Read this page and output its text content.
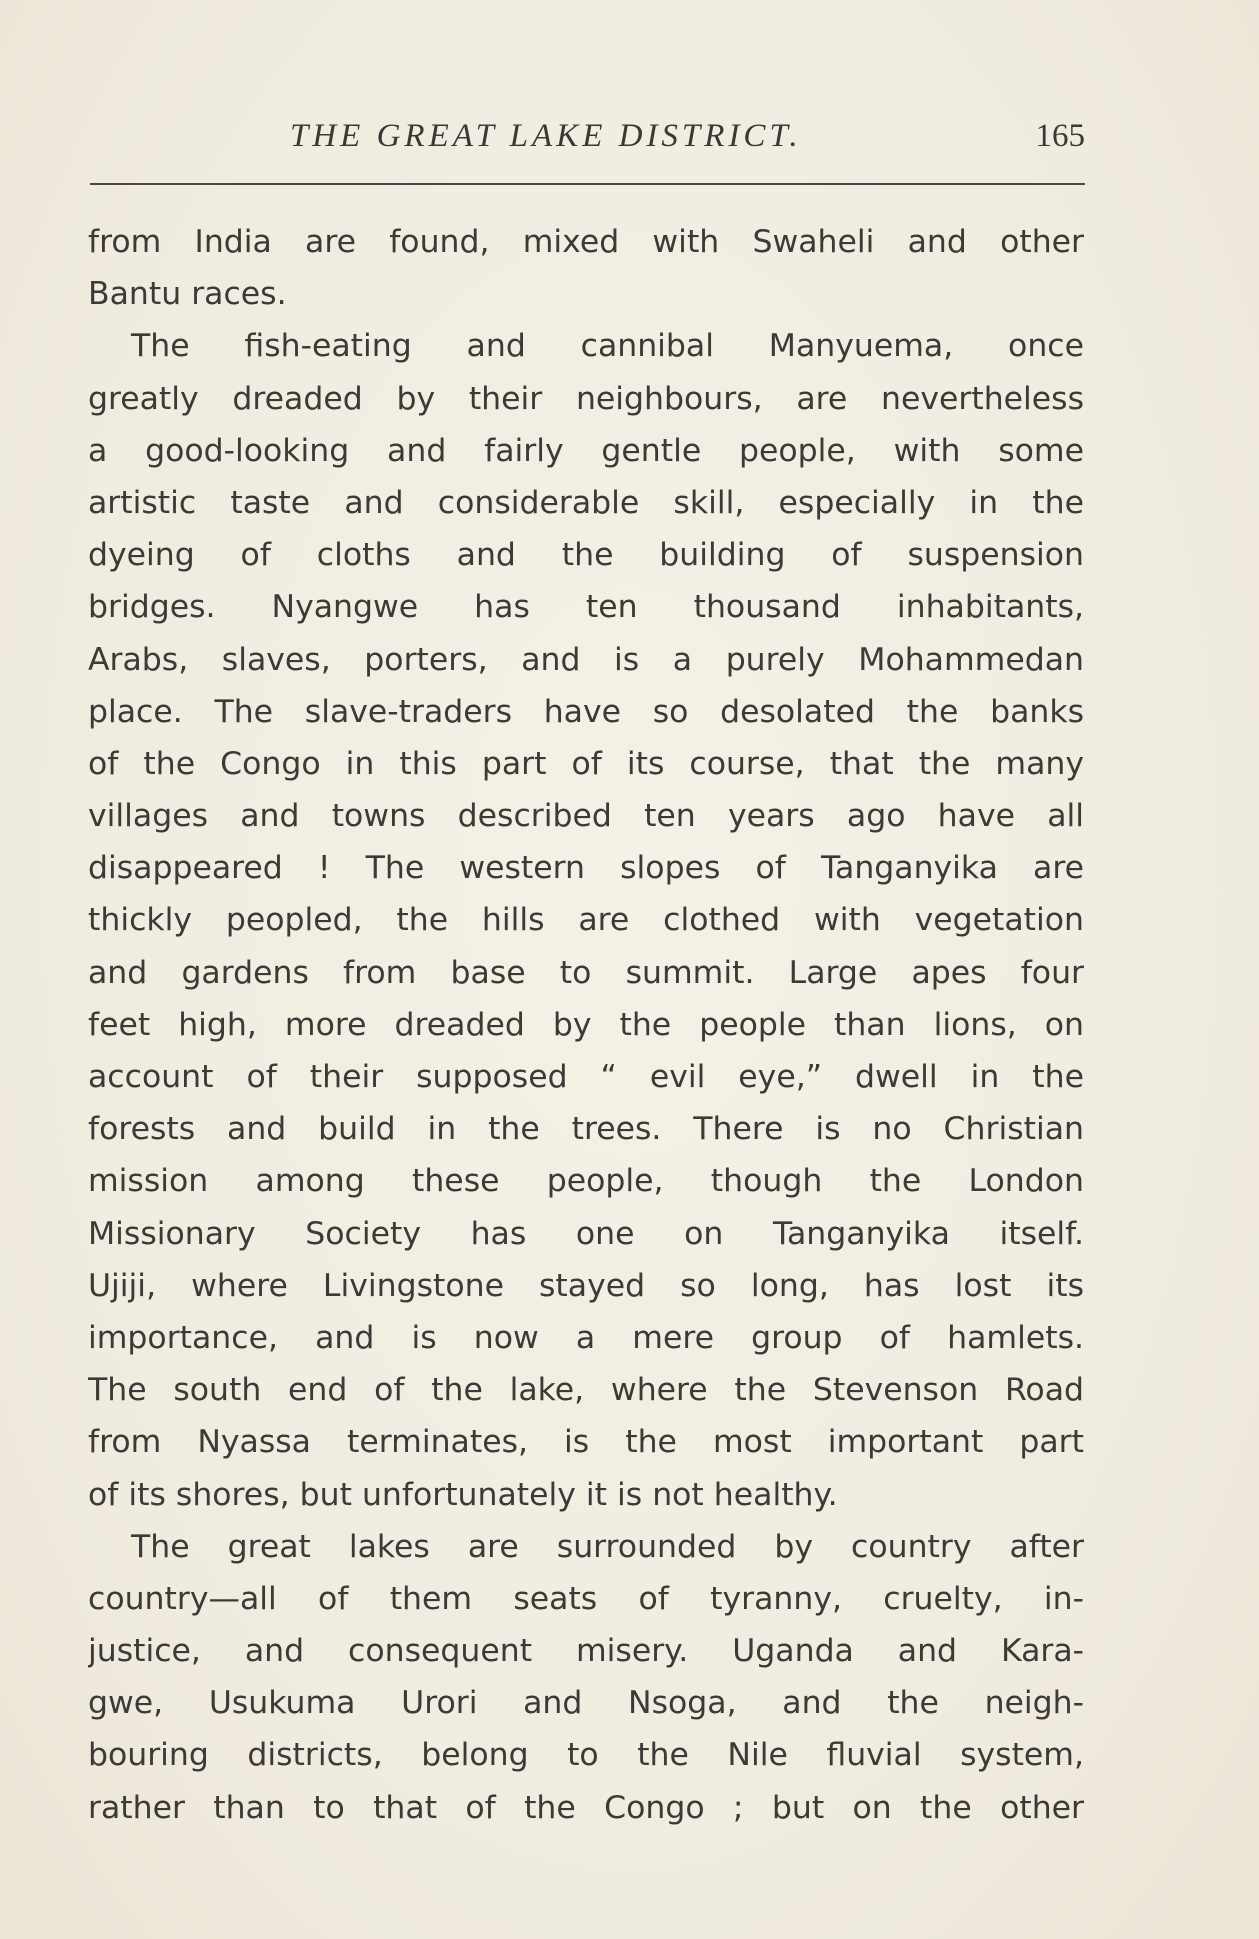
THE GREAT LAKE DISTRICT.	165
from India are found, mixed with Swaheli and other
Bantu races.
The fish-eating and cannibal Manyuema, once
greatly dreaded by their neighbours, are nevertheless
a good-looking and fairly gentle people, with some
artistic taste and considerable skill, especially in the
dyeing of cloths and the building of suspension
bridges. Nyangwe has ten thousand inhabitants,
Arabs, slaves, porters, and is a purely Mohammedan
place. The slave-traders have so desolated the banks
of the Congo in this part of its course, that the many
villages and towns described ten years ago have all
disappeared ! The western slopes of Tanganyika are
thickly peopled, the hills are clothed with vegetation
and gardens from base to summit. Large apes four
feet high, more dreaded by the people than lions, on
account of their supposed “ evil eye,” dwell in the
forests and build in the trees. There is no Christian
mission among these people, though the London
Missionary Society has one on Tanganyika itself.
Ujiji, where Livingstone stayed so long, has lost its
importance, and is now a mere group of hamlets.
The south end of the lake, where the Stevenson Road
from Nyassa terminates, is the most important part
of its shores, but unfortunately it is not healthy.
The great lakes are surrounded by country after
country—all of them seats of tyranny, cruelty, in-
justice, and consequent misery. Uganda and Kara-
gwe, Usukuma Urori and Nsoga, and the neigh-
bouring districts, belong to the Nile fluvial system,
rather than to that of the Congo ; but on the other
